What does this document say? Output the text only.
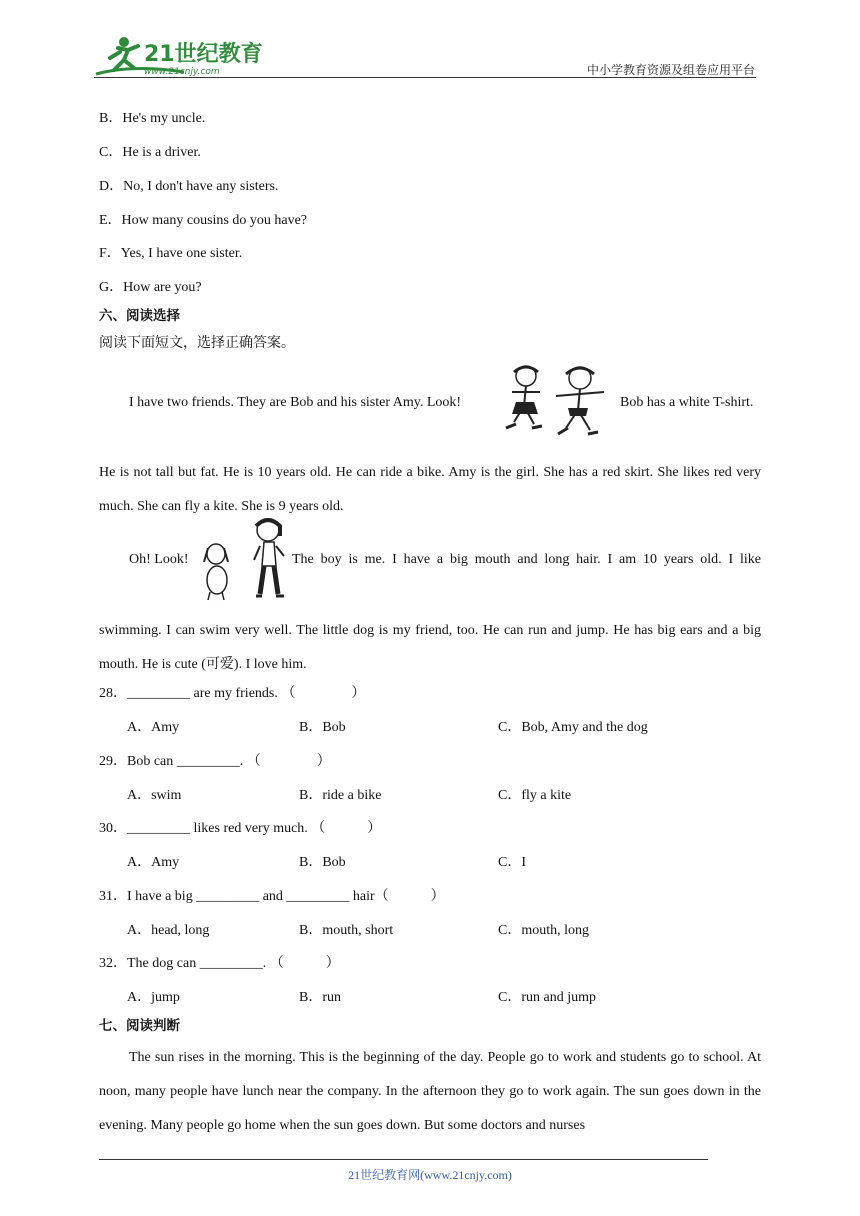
21世纪教育
www.21cnjy.com	中小学教育资源及组卷应用平台
B．He's my uncle.
C．He is a driver.
D．No, I don't have any sisters.
E．How many cousins do you have?
F．Yes, I have one sister.
G．How are you?
六、阅读选择
阅读下面短文，选择正确答案。
I have two friends. They are Bob and his sister Amy. Look!	Bob has a white T-shirt.
He is not tall but fat. He is 10 years old. He can ride a bike. Amy is the girl. She has a red skirt. She likes red very much. She can fly a kite. She is 9 years old.
Oh! Look!	The boy is me. I have a big mouth and long hair. I am 10 years old. I like
swimming. I can swim very well. The little dog is my friend, too. He can run and jump. He has big ears and a big mouth. He is cute (可爱). I love him.
28．_________ are my friends. （　　　　）
A．Amy	B．Bob	C．Bob, Amy and the dog
29．Bob can _________. （　　　　）
A．swim	B．ride a bike	C．fly a kite
30．_________ likes red very much. （　　　）
A．Amy	B．Bob	C．I
31．I have a big _________ and _________ hair（　　　）
A．head, long	B．mouth, short	C．mouth, long
32．The dog can _________. （　　　）
A．jump	B．run	C．run and jump
七、阅读判断
The sun rises in the morning. This is the beginning of the day. People go to work and students go to school. At noon, many people have lunch near the company. In the afternoon they go to work again. The sun goes down in the evening. Many people go home when the sun goes down. But some doctors and nurses
21世纪教育网(www.21cnjy.com)
